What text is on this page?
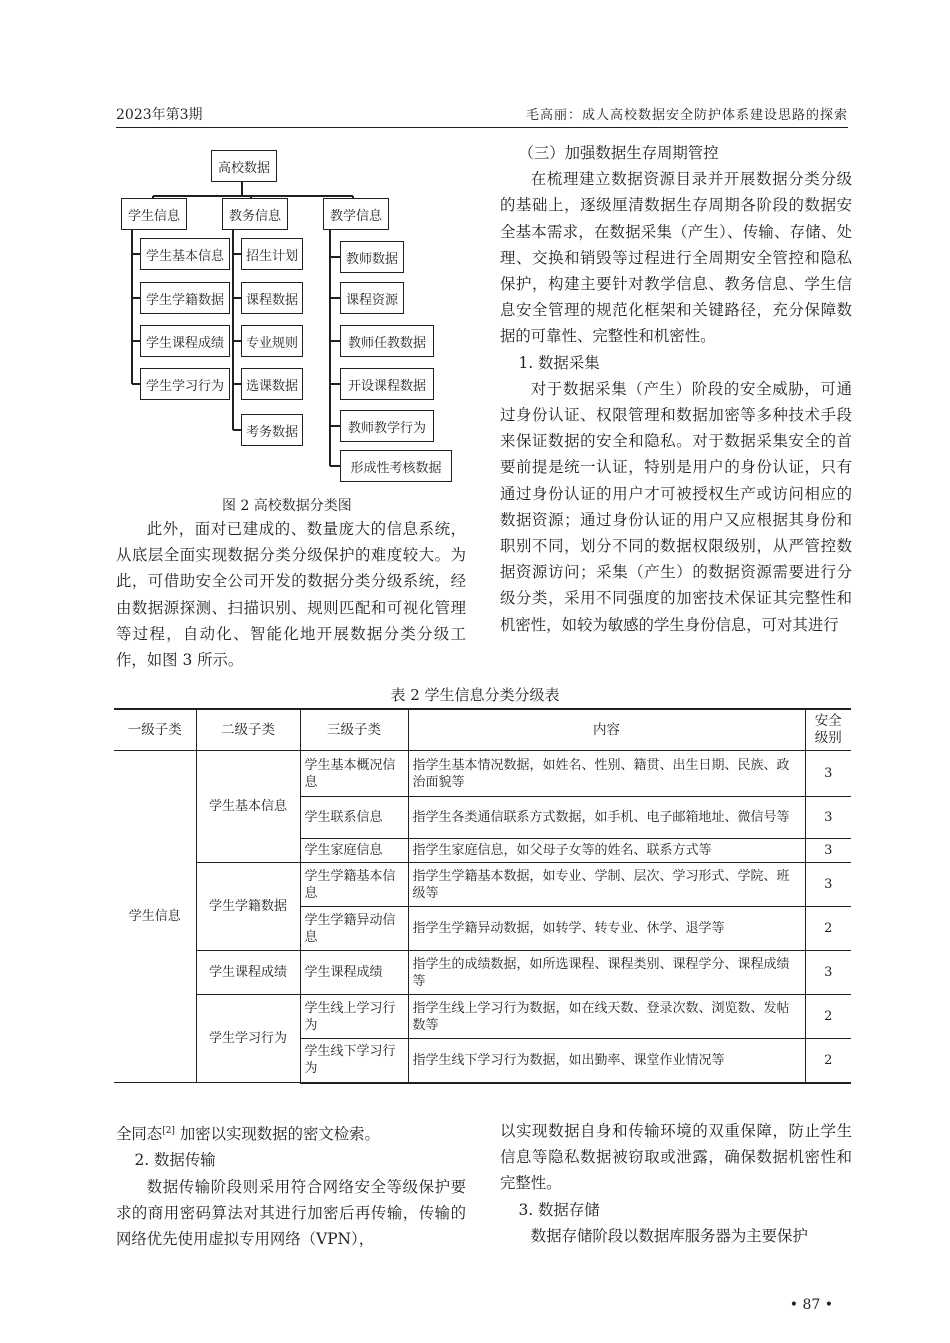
2023年第3期	毛高丽：成人高校数据安全防护体系建设思路的探索
高校数据
学生信息	教务信息	教学信息
学生基本信息
学生学籍数据
学生课程成绩
学生学习行为
招生计划
课程数据
专业规则
选课数据
考务数据
教师数据
课程资源
教师任教数据
开设课程数据
教师教学行为
形成性考核数据
图 2 高校数据分类图

此外，面对已建成的、数量庞大的信息系统，从底层全面实现数据分类分级保护的难度较大。为此，可借助安全公司开发的数据分类分级系统，经由数据源探测、扫描识别、规则匹配和可视化管理等过程，自动化、智能化地开展数据分类分级工作，如图 3 所示。

（三）加强数据生存周期管控

在梳理建立数据资源目录并开展数据分类分级的基础上，逐级厘清数据生存周期各阶段的数据安全基本需求，在数据采集（产生）、传输、存储、处理、交换和销毁等过程进行全周期安全管控和隐私保护，构建主要针对教学信息、教务信息、学生信息安全管理的规范化框架和关键路径，充分保障数据的可靠性、完整性和机密性。

1. 数据采集

对于数据采集（产生）阶段的安全威胁，可通过身份认证、权限管理和数据加密等多种技术手段来保证数据的安全和隐私。对于数据采集安全的首要前提是统一认证，特别是用户的身份认证，只有通过身份认证的用户才可被授权生产或访问相应的数据资源；通过身份认证的用户又应根据其身份和职别不同，划分不同的数据权限级别，从严管控数据资源访问；采集（产生）的数据资源需要进行分级分类，采用不同强度的加密技术保证其完整性和机密性，如较为敏感的学生身份信息，可对其进行

表 2 学生信息分类分级表
一级子类	二级子类	三级子类	内容	安全级别
学生信息	学生基本信息	学生基本概况信息	指学生基本情况数据，如姓名、性别、籍贯、出生日期、民族、政治面貌等	3
		学生联系信息	指学生各类通信联系方式数据，如手机、电子邮箱地址、微信号等	3
		学生家庭信息	指学生家庭信息，如父母子女等的姓名、联系方式等	3
	学生学籍数据	学生学籍基本信息	指学生学籍基本数据，如专业、学制、层次、学习形式、学院、班级等	3
		学生学籍异动信息	指学生学籍异动数据，如转学、转专业、休学、退学等	2
	学生课程成绩	学生课程成绩	指学生的成绩数据，如所选课程、课程类别、课程学分、课程成绩等	3
	学生学习行为	学生线上学习行为	指学生线上学习行为数据，如在线天数、登录次数、浏览数、发帖数等	2
		学生线下学习行为	指学生线下学习行为数据，如出勤率、课堂作业情况等	2

全同态[2] 加密以实现数据的密文检索。

2. 数据传输

数据传输阶段则采用符合网络安全等级保护要求的商用密码算法对其进行加密后再传输，传输的网络优先使用虚拟专用网络（VPN），

以实现数据自身和传输环境的双重保障，防止学生信息等隐私数据被窃取或泄露，确保数据机密性和完整性。

3. 数据存储

数据存储阶段以数据库服务器为主要保护

• 87 •
